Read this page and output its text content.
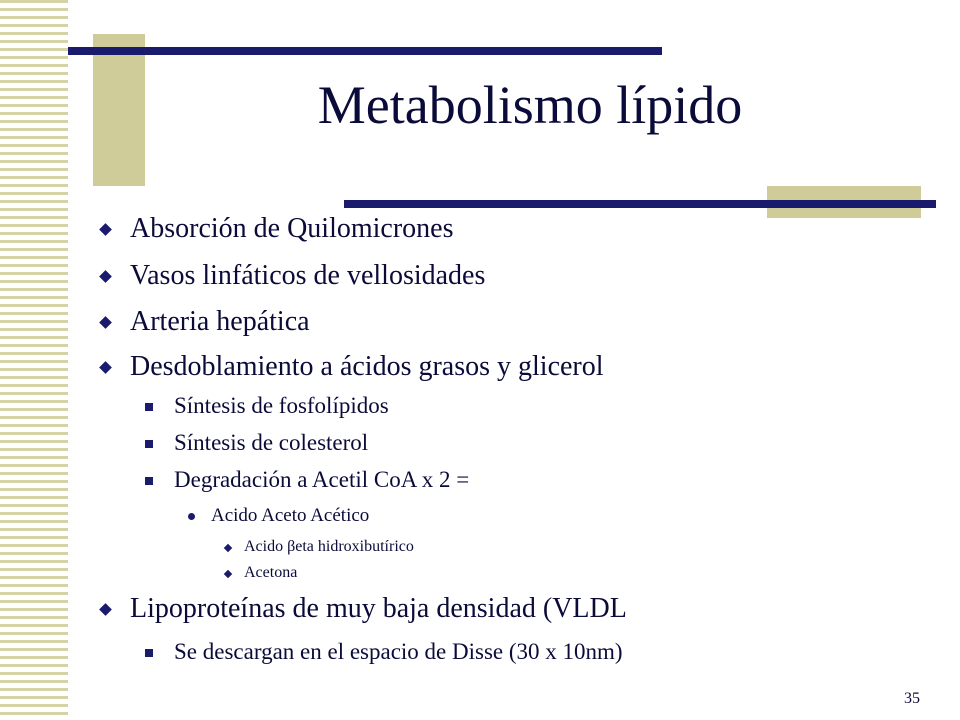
Metabolismo lípido
Absorción de Quilomicrones
Vasos linfáticos de vellosidades
Arteria hepática
Desdoblamiento a ácidos grasos y glicerol
Síntesis de fosfolípidos
Síntesis de colesterol
Degradación a Acetil CoA x 2 =
Acido Aceto Acético
Acido βeta hidroxibutírico
Acetona
Lipoproteínas de muy baja densidad (VLDL
Se descargan en el espacio de Disse (30 x 10nm)
35
